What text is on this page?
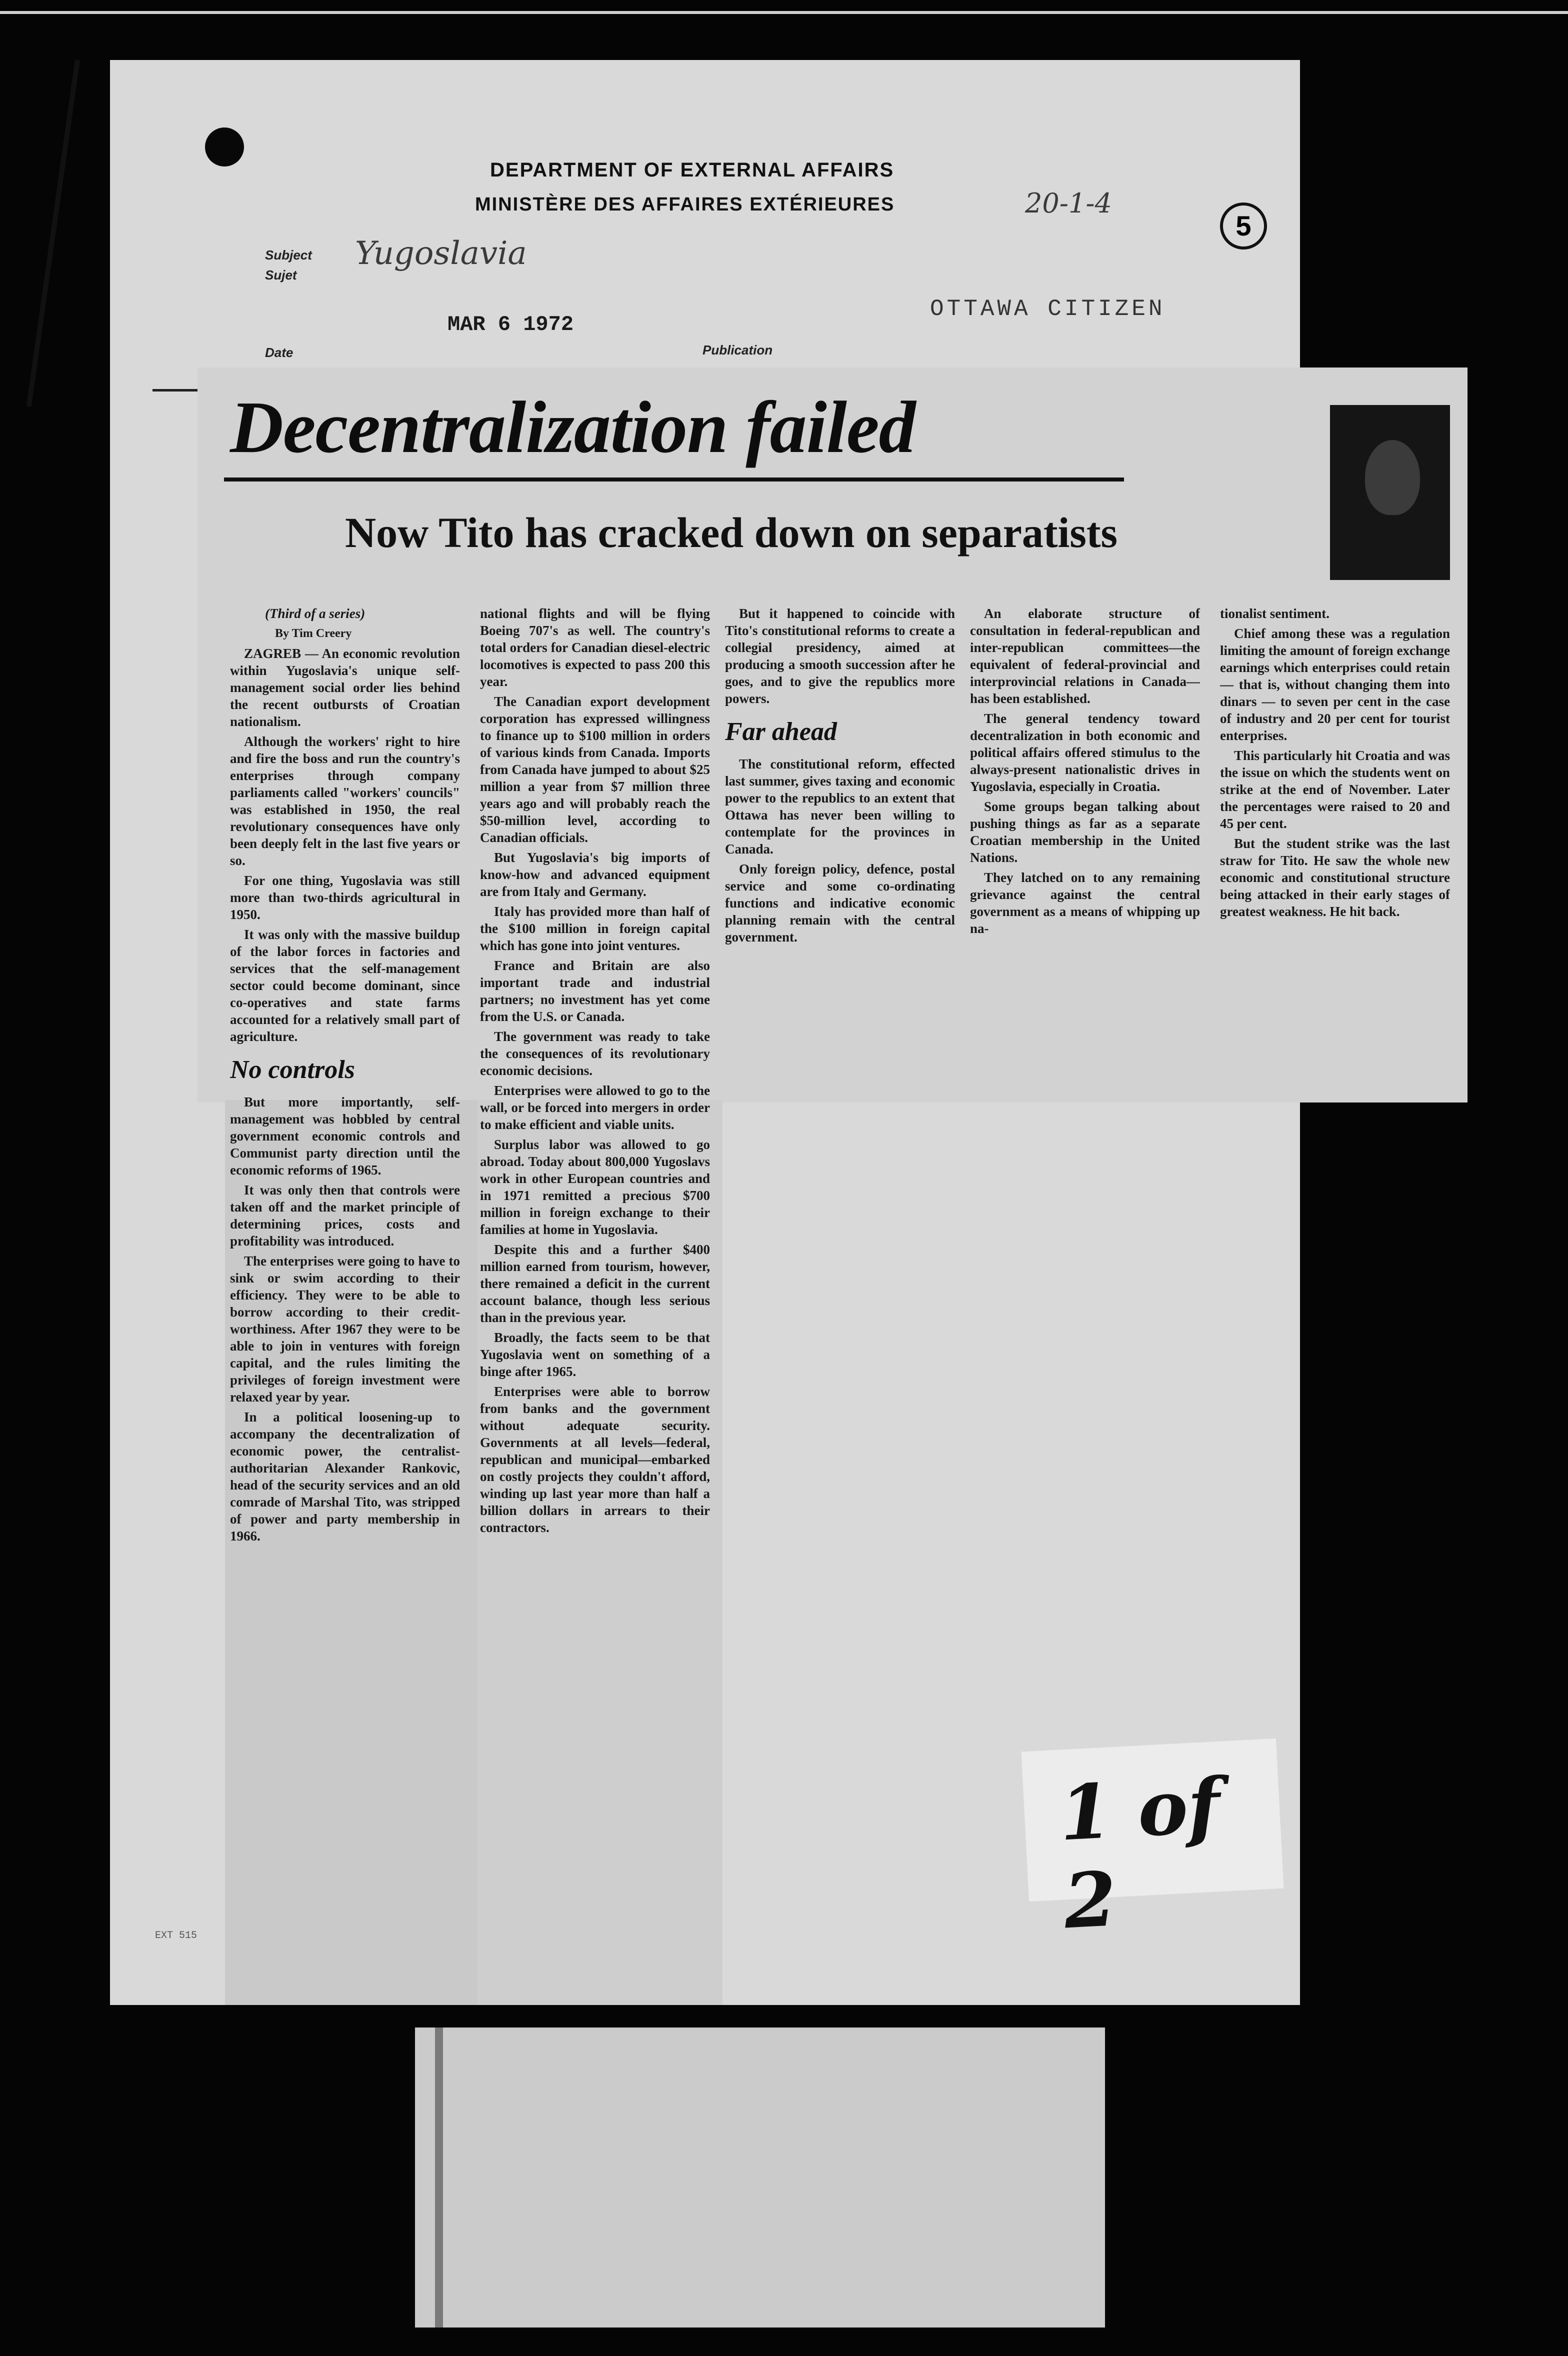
DEPARTMENT OF EXTERNAL AFFAIRS
MINISTÈRE DES AFFAIRES EXTÉRIEURES
Subject
Sujet
Yugoslavia
Date
MAR 6 1972
Publication
OTTAWA CITIZEN
20-1-4
5
Decentralization failed
Now Tito has cracked down on separatists

(Third of a series)

By Tim Creery

ZAGREB — An economic revolution within Yugoslavia's unique self-management social order lies behind the recent outbursts of Croatian nationalism.

Although the workers' right to hire and fire the boss and run the country's enterprises through company parliaments called "workers' councils" was established in 1950, the real revolutionary consequences have only been deeply felt in the last five years or so.

For one thing, Yugoslavia was still more than two-thirds agricultural in 1950.

It was only with the massive buildup of the labor forces in factories and services that the self-management sector could become dominant, since co-operatives and state farms accounted for a relatively small part of agriculture.

No controls

But more importantly, self-management was hobbled by central government economic controls and Communist party direction until the economic reforms of 1965.

It was only then that controls were taken off and the market principle of determining prices, costs and profitability was introduced.

The enterprises were going to have to sink or swim according to their efficiency. They were to be able to borrow according to their credit-worthiness. After 1967 they were to be able to join in ventures with foreign capital, and the rules limiting the privileges of foreign investment were relaxed year by year.

In a political loosening-up to accompany the decentralization of economic power, the centralist-authoritarian Alexander Rankovic, head of the security services and an old comrade of Marshal Tito, was stripped of power and party membership in 1966.

national flights and will be flying Boeing 707's as well. The country's total orders for Canadian diesel-electric locomotives is expected to pass 200 this year.

The Canadian export development corporation has expressed willingness to finance up to $100 million in orders of various kinds from Canada. Imports from Canada have jumped to about $25 million a year from $7 million three years ago and will probably reach the $50-million level, according to Canadian officials.

But Yugoslavia's big imports of know-how and advanced equipment are from Italy and Germany.

Italy has provided more than half of the $100 million in foreign capital which has gone into joint ventures.

France and Britain are also important trade and industrial partners; no investment has yet come from the U.S. or Canada.

The government was ready to take the consequences of its revolutionary economic decisions.

Enterprises were allowed to go to the wall, or be forced into mergers in order to make efficient and viable units.

Surplus labor was allowed to go abroad. Today about 800,000 Yugoslavs work in other European countries and in 1971 remitted a precious $700 million in foreign exchange to their families at home in Yugoslavia.

Despite this and a further $400 million earned from tourism, however, there remained a deficit in the current account balance, though less serious than in the previous year.

Broadly, the facts seem to be that Yugoslavia went on something of a binge after 1965.

Enterprises were able to borrow from banks and the government without adequate security. Governments at all levels—federal, republican and municipal—embarked on costly projects they couldn't afford, winding up last year more than half a billion dollars in arrears to their contractors.

But it happened to coincide with Tito's constitutional reforms to create a collegial presidency, aimed at producing a smooth succession after he goes, and to give the republics more powers.

Far ahead

The constitutional reform, effected last summer, gives taxing and economic power to the republics to an extent that Ottawa has never been willing to contemplate for the provinces in Canada.

Only foreign policy, defence, postal service and some co-ordinating functions and indicative economic planning remain with the central government.

An elaborate structure of consultation in federal-republican and inter-republican committees—the equivalent of federal-provincial and interprovincial relations in Canada—has been established.

The general tendency toward decentralization in both economic and political affairs offered stimulus to the always-present nationalistic drives in Yugoslavia, especially in Croatia.

Some groups began talking about pushing things as far as a separate Croatian membership in the United Nations.

They latched on to any remaining grievance against the central government as a means of whipping up na-

tionalist sentiment.

Chief among these was a regulation limiting the amount of foreign exchange earnings which enterprises could retain — that is, without changing them into dinars — to seven per cent in the case of industry and 20 per cent for tourist enterprises.

This particularly hit Croatia and was the issue on which the students went on strike at the end of November. Later the percentages were raised to 20 and 45 per cent.

But the student strike was the last straw for Tito. He saw the whole new economic and constitutional structure being attacked in their early stages of greatest weakness. He hit back.

1 of 2
EXT 515
